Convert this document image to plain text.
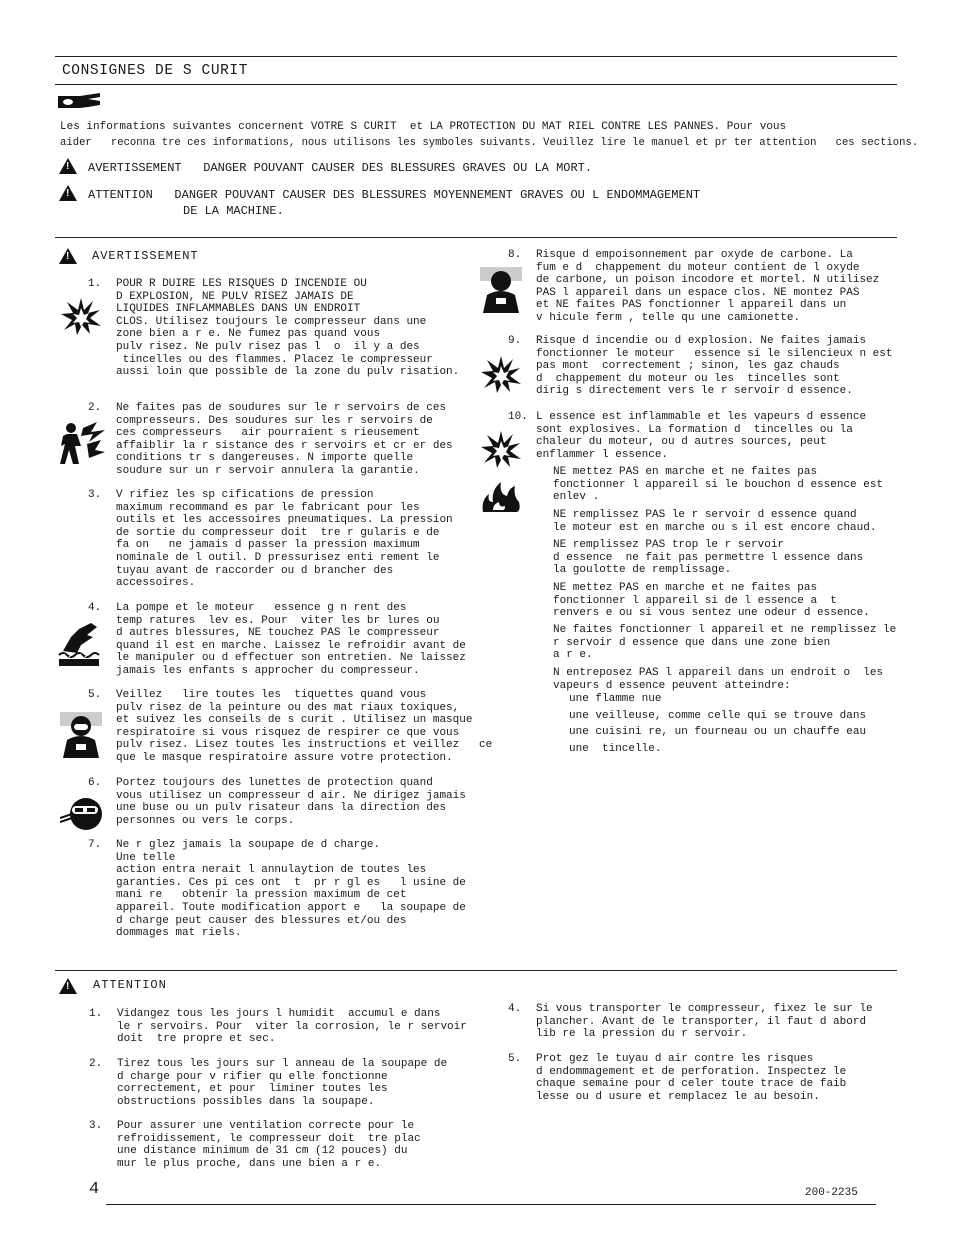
CONSIGNES DE S CURIT
Les informations suivantes concernent VOTRE S CURIT  et LA PROTECTION DU MAT RIEL CONTRE LES PANNES. Pour vous
aider   reconna tre ces informations, nous utilisons les symboles suivants. Veuillez lire le manuel et pr ter attention   ces sections.
!
AVERTISSEMENT   DANGER POUVANT CAUSER DES BLESSURES GRAVES OU LA MORT.
!
ATTENTION   DANGER POUVANT CAUSER DES BLESSURES MOYENNEMENT GRAVES OU L ENDOMMAGEMENT
DE LA MACHINE.
!
AVERTISSEMENT
1. POUR R DUIRE LES RISQUES D INCENDIE OU
D EXPLOSION, NE PULV RISEZ JAMAIS DE
LIQUIDES INFLAMMABLES DANS UN ENDROIT
CLOS. Utilisez toujours le compresseur dans une
zone bien a r e. Ne fumez pas quand vous
pulv risez. Ne pulv risez pas l  o  il y a des
tincelles ou des flammes. Placez le compresseur
aussi loin que possible de la zone du pulv risation.
2. Ne faites pas de soudures sur le r servoirs de ces
compresseurs. Des soudures sur les r servoirs de
ces compresseurs   air pourraient s rieusement
affaiblir la r sistance des r servoirs et cr er des
conditions tr s dangereuses. N importe quelle
soudure sur un r servoir annulera la garantie.
3. V rifiez les sp cifications de pression
maximum recommand es par le fabricant pour les
outils et les accessoires pneumatiques. La pression
de sortie du compresseur doit  tre r gularis e de
fa on   ne jamais d passer la pression maximum
nominale de l outil. D pressurisez enti rement le
tuyau avant de raccorder ou d brancher des
accessoires.
4. La pompe et le moteur   essence g n rent des
temp ratures  lev es. Pour  viter les br lures ou
d autres blessures, NE touchez PAS le compresseur
quand il est en marche. Laissez le refroidir avant de
le manipuler ou d effectuer son entretien. Ne laissez
jamais les enfants s approcher du compresseur.
5. Veillez   lire toutes les  tiquettes quand vous
pulv risez de la peinture ou des mat riaux toxiques,
et suivez les conseils de s curit . Utilisez un masque
respiratoire si vous risquez de respirer ce que vous
pulv risez. Lisez toutes les instructions et veillez   ce
que le masque respiratoire assure votre protection.
6. Portez toujours des lunettes de protection quand
vous utilisez un compresseur d air. Ne dirigez jamais
une buse ou un pulv risateur dans la direction des
personnes ou vers le corps.
7. Ne r glez jamais la soupape de d charge.
Une telle
action entra nerait l annulaytion de toutes les
garanties. Ces pi ces ont  t  pr r gl es   l usine de
mani re   obtenir la pression maximum de cet
appareil. Toute modification apport e   la soupape de
d charge peut causer des blessures et/ou des
dommages mat riels.
8. Risque d empoisonnement par oxyde de carbone. La
fum e d  chappement du moteur contient de l oxyde
de carbone, un poison incodore et mortel. N utilisez
PAS l appareil dans un espace clos. NE montez PAS
et NE faites PAS fonctionner l appareil dans un
v hicule ferm , telle qu une camionette.
9. Risque d incendie ou d explosion. Ne faites jamais
fonctionner le moteur   essence si le silencieux n est
pas mont  correctement ; sinon, les gaz chauds
d  chappement du moteur ou les  tincelles sont
dirig s directement vers le r servoir d essence.
10. L essence est inflammable et les vapeurs d essence
sont explosives. La formation d  tincelles ou la
chaleur du moteur, ou d autres sources, peut
enflammer l essence.
NE mettez PAS en marche et ne faites pas
fonctionner l appareil si le bouchon d essence est
enlev .
NE remplissez PAS le r servoir d essence quand
le moteur est en marche ou s il est encore chaud.
NE remplissez PAS trop le r servoir
d essence  ne fait pas permettre l essence dans
la goulotte de remplissage.
NE mettez PAS en marche et ne faites pas
fonctionner l appareil si de l essence a  t
renvers e ou si vous sentez une odeur d essence.
Ne faites fonctionner l appareil et ne remplissez le
r servoir d essence que dans une zone bien
a r e.
N entreposez PAS l appareil dans un endroit o  les
vapeurs d essence peuvent atteindre:
une flamme nue
une veilleuse, comme celle qui se trouve dans
une cuisini re, un fourneau ou un chauffe eau
une  tincelle.
!
ATTENTION
1. Vidangez tous les jours l humidit  accumul e dans
le r servoirs. Pour  viter la corrosion, le r servoir
doit  tre propre et sec.
2. Tirez tous les jours sur l anneau de la soupape de
d charge pour v rifier qu elle fonctionne
correctement, et pour  liminer toutes les
obstructions possibles dans la soupape.
3. Pour assurer une ventilation correcte pour le
refroidissement, le compresseur doit  tre plac
une distance minimum de 31 cm (12 pouces) du
mur le plus proche, dans une bien a r e.
4. Si vous transporter le compresseur, fixez le sur le
plancher. Avant de le transporter, il faut d abord
lib re la pression du r servoir.
5. Prot gez le tuyau d air contre les risques
d endommagement et de perforation. Inspectez le
chaque semaine pour d celer toute trace de faib
lesse ou d usure et remplacez le au besoin.
4	200-2235
